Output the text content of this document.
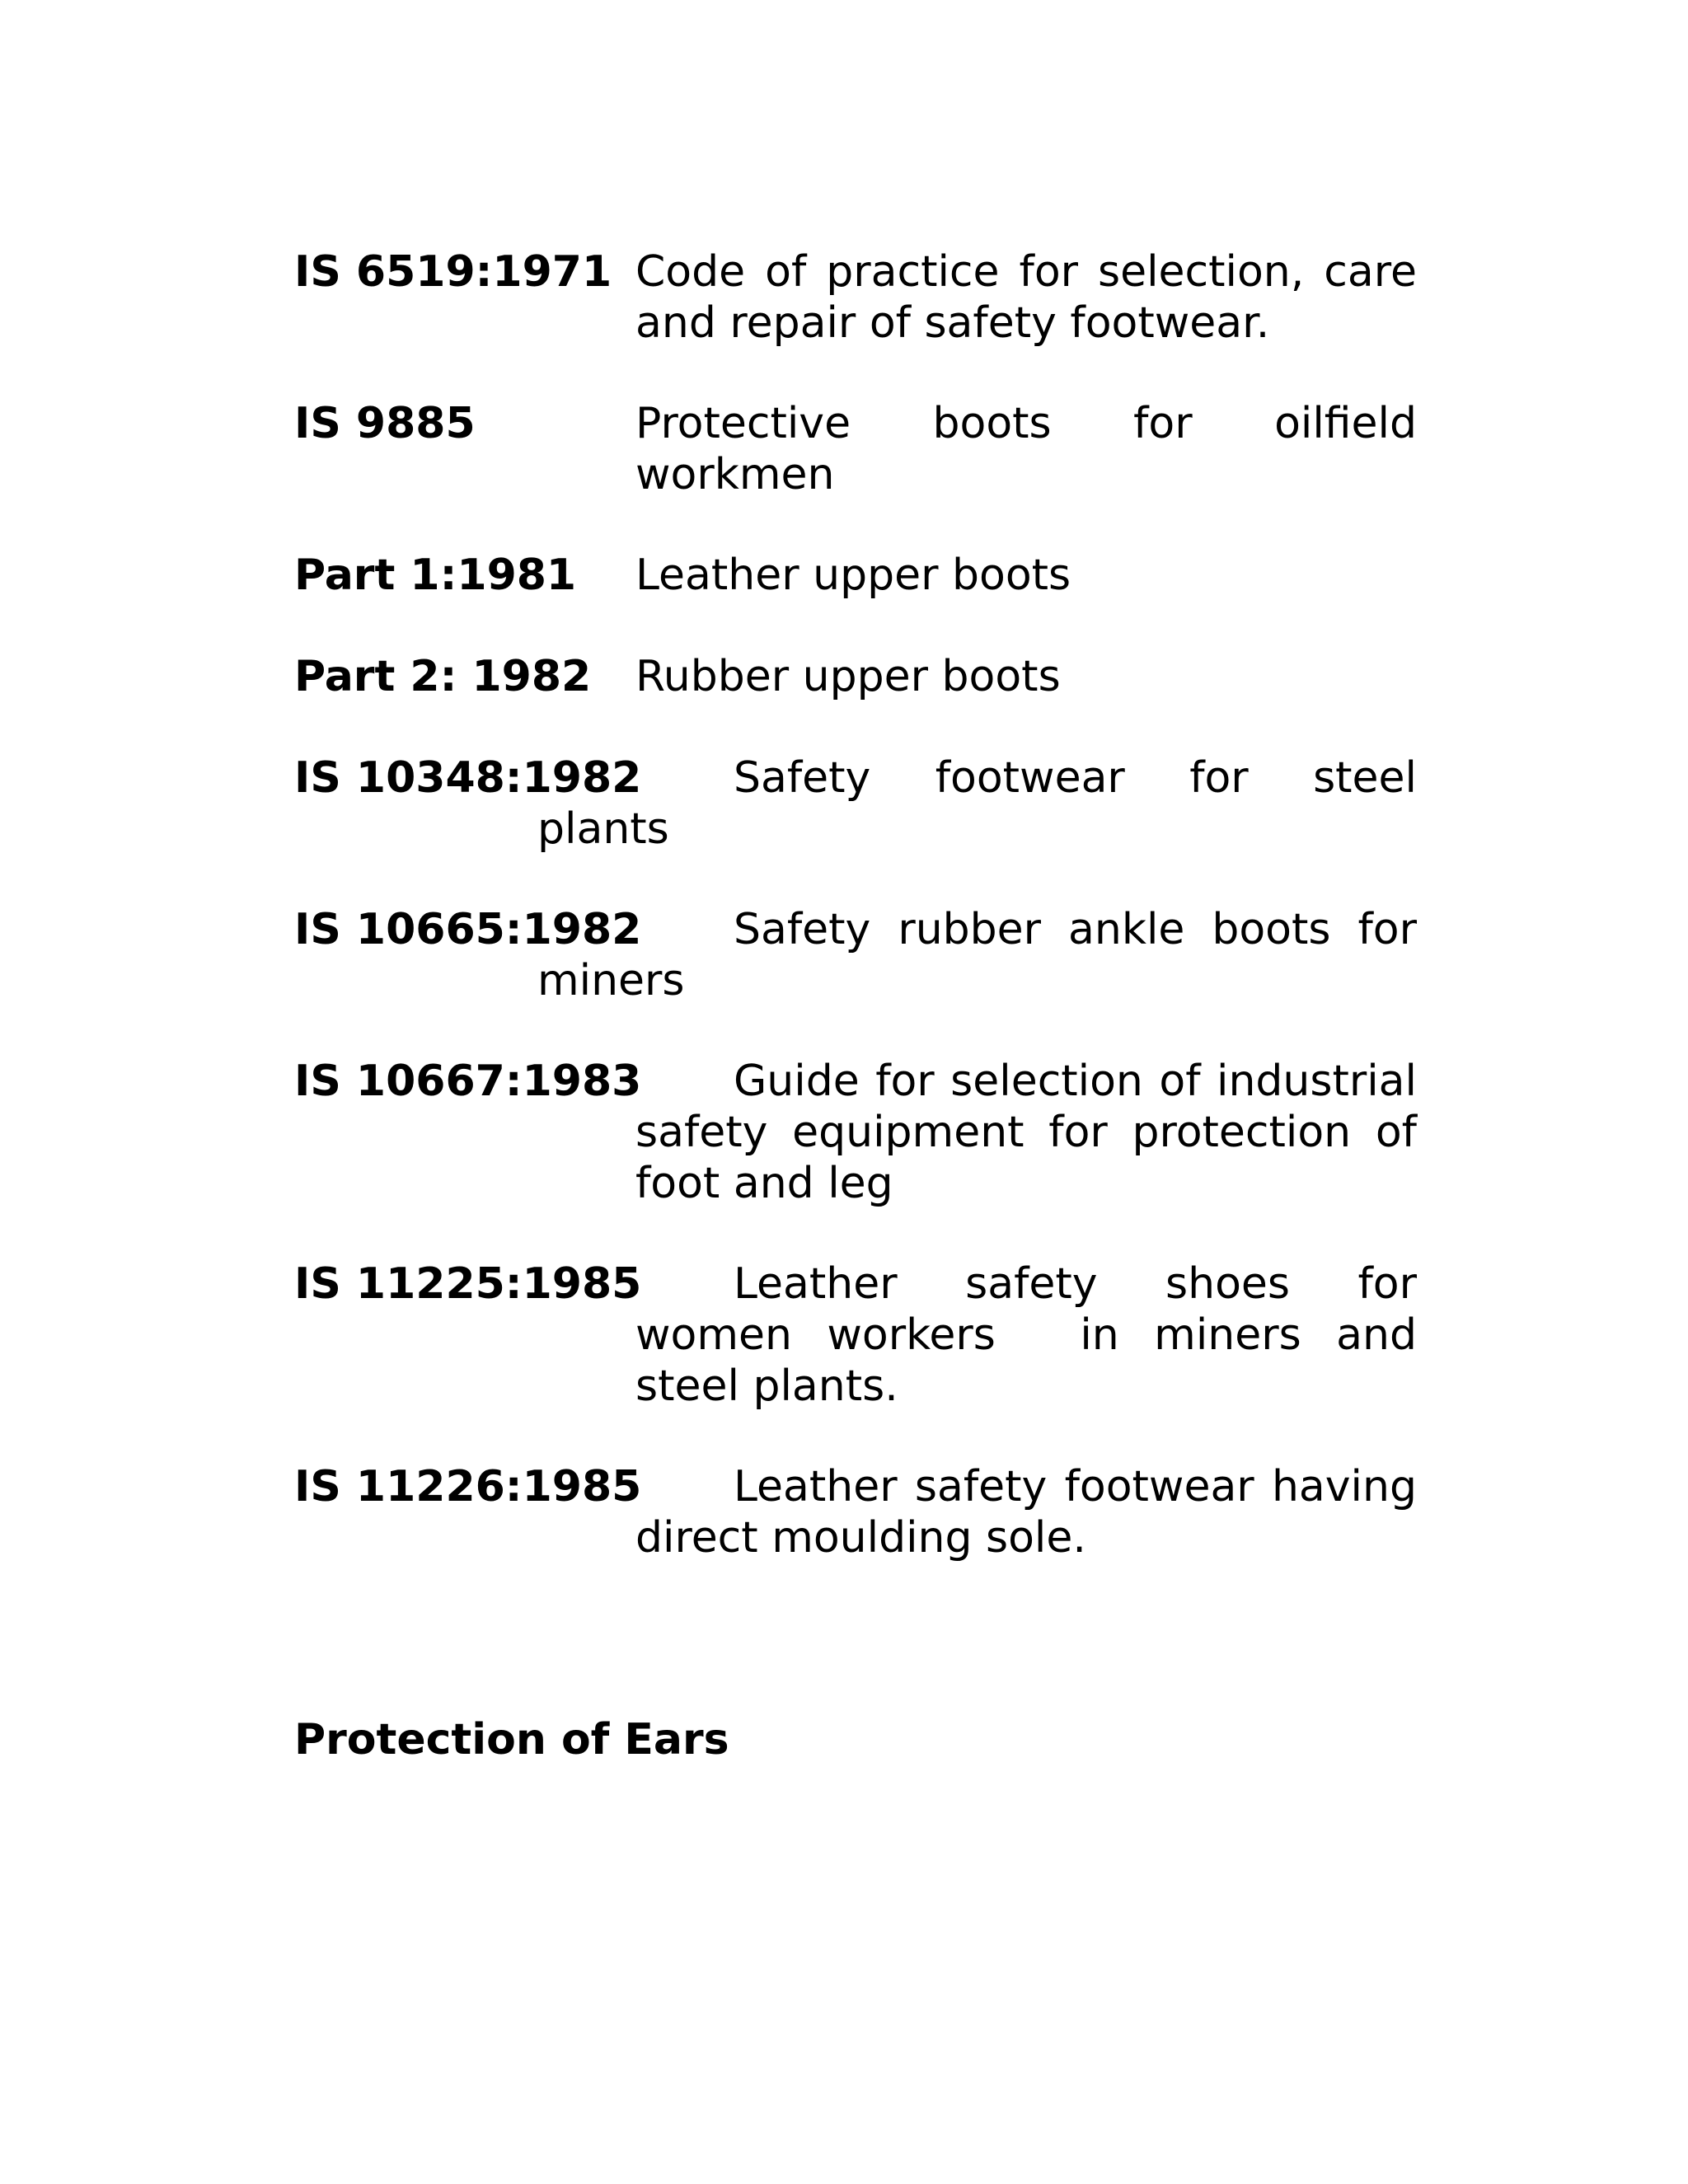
IS 6519:1971 Code of practice for selection, care
and repair of safety footwear.
IS 9885	Protective boots for oilfield
workmen
Part 1:1981 Leather upper boots
Part 2: 1982 Rubber upper boots
IS 10348:1982 Safety footwear for steel
plants
IS 10665:1982 Safety rubber ankle boots for
miners
IS 10667:1983 Guide for selection of industrial
safety equipment for protection of
foot and leg
IS 11225:1985 Leather safety shoes for
women workers in miners and
steel plants.
IS 11226:1985 Leather safety footwear having
direct moulding sole.
Protection of Ears
